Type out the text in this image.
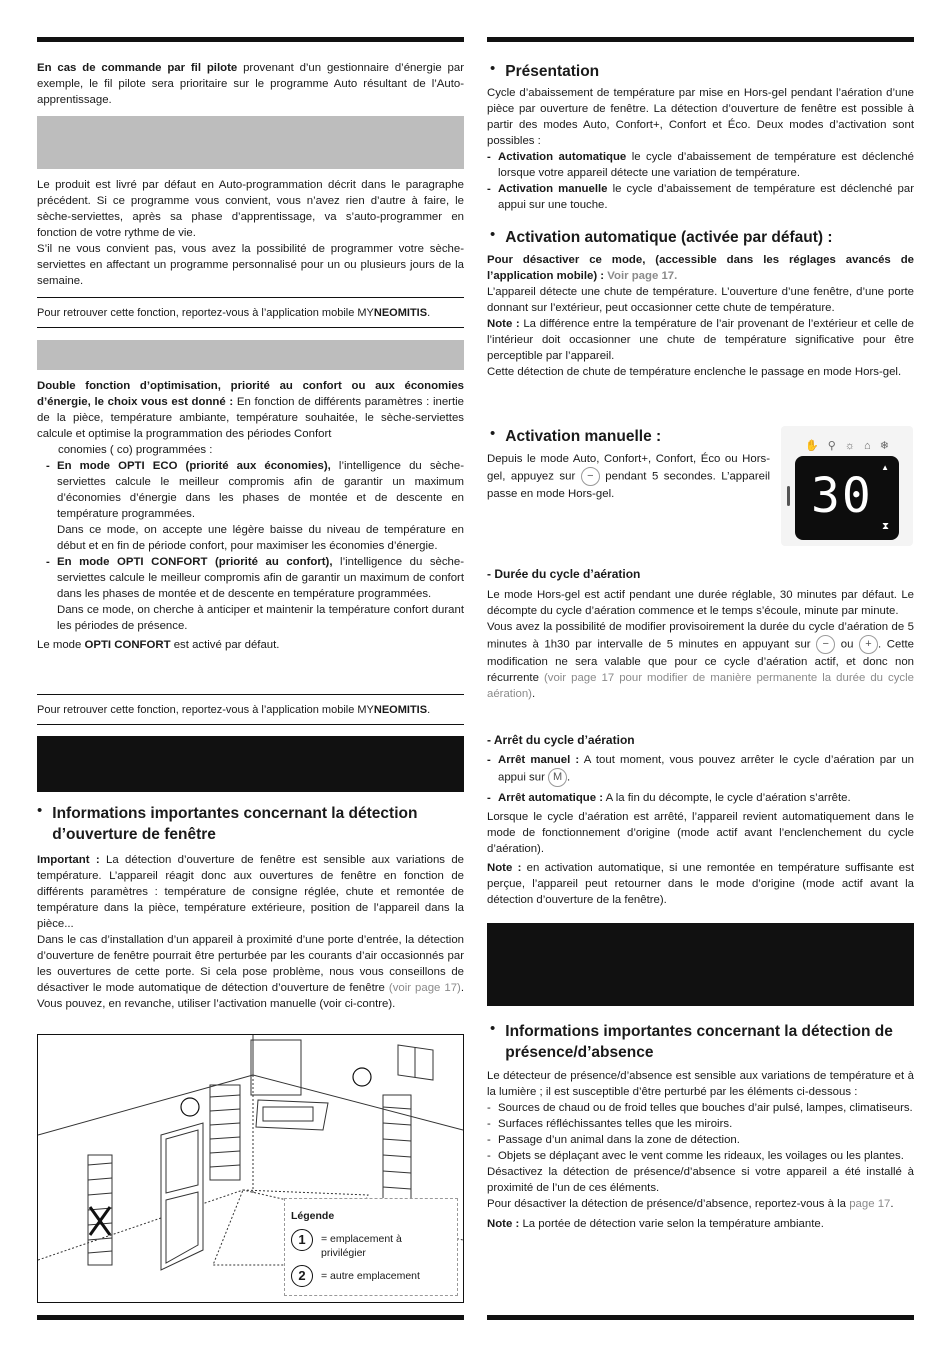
En cas de commande par fil pilote provenant d’un gestionnaire d’énergie par exemple, le fil pilote sera prioritaire sur le programme Auto résultant de l’Auto-apprentissage.

Le produit est livré par défaut en Auto-programmation décrit dans le paragraphe précédent. Si ce programme vous convient, vous n’avez rien d’autre à faire, le sèche-serviettes, après sa phase d’apprentissage, va s’auto-programmer en fonction de votre rythme de vie.

S’il ne vous convient pas, vous avez la possibilité de programmer votre sèche-serviettes en affectant un programme personnalisé pour un ou plusieurs jours de la semaine.

Pour retrouver cette fonction, reportez-vous à l’application mobile MYNEOMITIS.

Double fonction d’optimisation, priorité au confort ou aux économies d’énergie, le choix vous est donné : En fonction de différents paramètres : inertie de la pièce, température ambiante, température souhaitée, le sèche-serviettes calcule et optimise la programmation des périodes Confort

conomies ( co) programmées :

- En mode OPTI ECO (priorité aux économies), l’intelligence du sèche-serviettes calcule le meilleur compromis afin de garantir un maximum d’économies d’énergie dans les phases de montée et de descente en température programmées.

Dans ce mode, on accepte une légère baisse du niveau de température en début et en fin de période confort, pour maximiser les économies d’énergie.

- En mode OPTI CONFORT (priorité au confort), l’intelligence du sèche-serviettes calcule le meilleur compromis afin de garantir un maximum de confort dans les phases de montée et de descente en température programmées.

Dans ce mode, on cherche à anticiper et maintenir la température confort durant les périodes de présence.

Le mode OPTI CONFORT est activé par défaut.

Pour retrouver cette fonction, reportez-vous à l’application mobile MYNEOMITIS.
• Informations importantes concernant la détection d’ouverture de fenêtre

Important : La détection d’ouverture de fenêtre est sensible aux variations de température. L’appareil réagit donc aux ouvertures de fenêtre en fonction de différents paramètres : température de consigne réglée, chute et remontée de température dans la pièce, température extérieure, position de l’appareil dans la pièce...

Dans le cas d’installation d’un appareil à proximité d’une porte d’entrée, la détection d’ouverture de fenêtre pourrait être perturbée par les courants d’air occasionnés par les ouvertures de cette porte. Si cela pose problème, nous vous conseillons de désactiver le mode automatique de détection d’ouverture de fenêtre (voir page 17). Vous pouvez, en revanche, utiliser l’activation manuelle (voir ci-contre).

Légende
1	= emplacement à privilégier
2	= autre emplacement
• Présentation

Cycle d’abaissement de température par mise en Hors-gel pendant l’aération d’une pièce par ouverture de fenêtre. La détection d’ouverture de fenêtre est possible à partir des modes Auto, Confort+, Confort et Éco. Deux modes d’activation sont possibles :

- Activation automatique le cycle d’abaissement de température est déclenché lorsque votre appareil détecte une variation de température.

- Activation manuelle le cycle d’abaissement de température est déclenché par appui sur une touche.

• Activation automatique (activée par défaut) :

Pour désactiver ce mode, (accessible dans les réglages avancés de l’application mobile) : Voir page 17.

L’appareil détecte une chute de température. L’ouverture d’une fenêtre, d’une porte donnant sur l’extérieur, peut occasionner cette chute de température.

Note : La différence entre la température de l’air provenant de l’extérieur et celle de l’intérieur doit occasionner une chute de température significative pour être perceptible par l’appareil.

Cette détection de chute de température enclenche le passage en mode Hors-gel.

• Activation manuelle :

Depuis le mode Auto, Confort+, Confort, Éco ou Hors-gel, appuyez sur − pendant 5 secondes. L’appareil passe en mode Hors-gel.

✋ ⚲ ☼ ⌂ ❄
▲
30
⧗
- Durée du cycle d’aération

Le mode Hors-gel est actif pendant une durée réglable, 30 minutes par défaut. Le décompte du cycle d’aération commence et le temps s’écoule, minute par minute.

Vous avez la possibilité de modifier provisoirement la durée du cycle d’aération de 5 minutes à 1h30 par intervalle de 5 minutes en appuyant sur − ou + . Cette modification ne sera valable que pour ce cycle d’aération actif, et donc non récurrente (voir page 17 pour modifier de manière permanente la durée du cycle aération).

- Arrêt du cycle d’aération
- Arrêt manuel : A tout moment, vous pouvez arrêter le cycle d’aération par un appui sur M .

- Arrêt automatique : A la fin du décompte, le cycle d’aération s’arrête.

Lorsque le cycle d’aération est arrêté, l’appareil revient automatiquement dans le mode de fonctionnement d’origine (mode actif avant l’enclenchement du cycle d’aération).

Note : en activation automatique, si une remontée en température suffisante est perçue, l’appareil peut retourner dans le mode d’origine (mode actif avant la détection d’ouverture de la fenêtre).

• Informations importantes concernant la détection de présence/d’absence

Le détecteur de présence/d’absence est sensible aux variations de température et à la lumière ; il est susceptible d’être perturbé par les éléments ci-dessous :

- Sources de chaud ou de froid telles que bouches d’air pulsé, lampes, climatiseurs.

- Surfaces réfléchissantes telles que les miroirs.

- Passage d’un animal dans la zone de détection.

- Objets se déplaçant avec le vent comme les rideaux, les voilages ou les plantes.

Désactivez la détection de présence/d’absence si votre appareil a été installé à proximité de l’un de ces éléments.

Pour désactiver la détection de présence/d’absence, reportez-vous à la page 17.

Note : La portée de détection varie selon la température ambiante.
